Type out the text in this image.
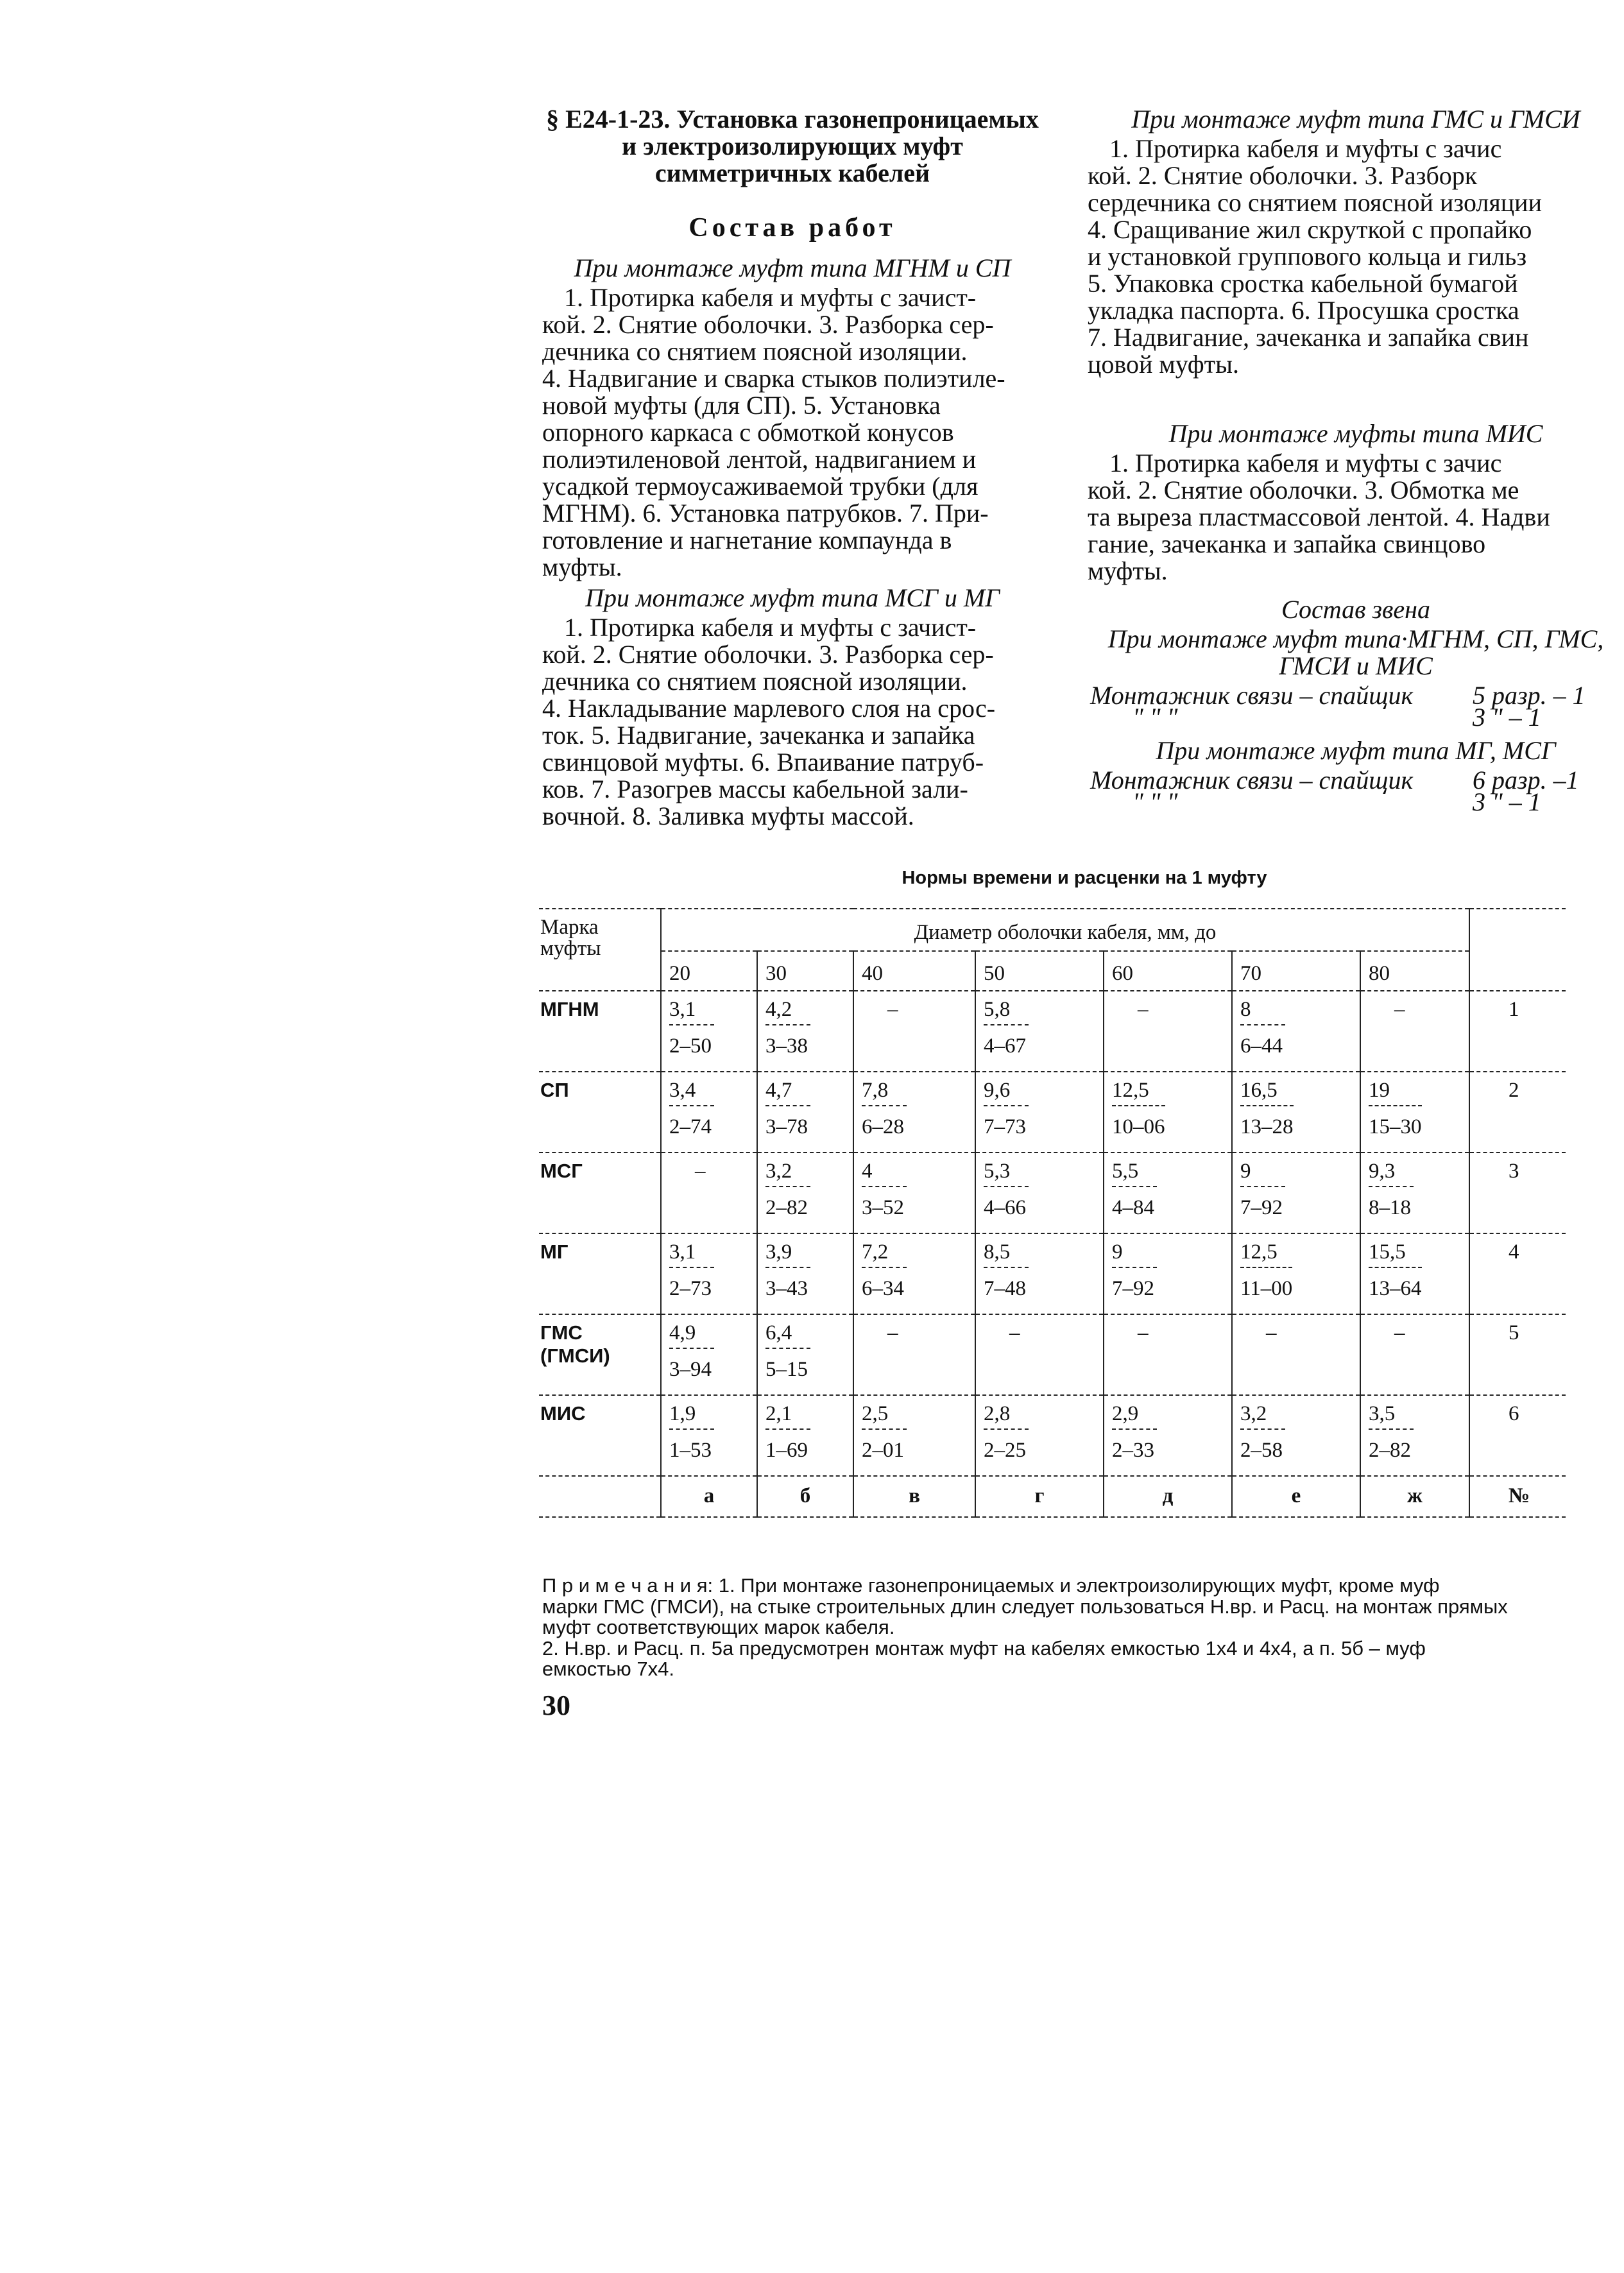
§ Е24-1-23. Установка газонепроницаемых
и электроизолирующих муфт
симметричных кабелей
Состав работ
При монтаже муфт типа МГНМ и СП
1. Протирка кабеля и муфты с зачист-
кой. 2. Снятие оболочки. 3. Разборка сер-
дечника со снятием поясной изоляции.
4. Надвигание и сварка стыков полиэтиле-
новой муфты (для СП). 5. Установка
опорного каркаса с обмоткой конусов
полиэтиленовой лентой, надвиганием и
усадкой термоусаживаемой трубки (для
МГНМ). 6. Установка патрубков. 7. При-
готовление и нагнетание компаунда в
муфты.
При монтаже муфт типа МСГ и МГ
1. Протирка кабеля и муфты с зачист-
кой. 2. Снятие оболочки. 3. Разборка сер-
дечника со снятием поясной изоляции.
4. Накладывание марлевого слоя на срос-
ток. 5. Надвигание, зачеканка и запайка
свинцовой муфты. 6. Впаивание патруб-
ков. 7. Разогрев массы кабельной зали-
вочной. 8. Заливка муфты массой.
При монтаже муфт типа ГМС и ГМСИ
1. Протирка кабеля и муфты с зачис
кой. 2. Снятие оболочки. 3. Разборк
сердечника со снятием поясной изоляции
4. Сращивание жил скруткой с пропайко
и установкой группового кольца и гильз
5. Упаковка сростка кабельной бумагой
укладка паспорта. 6. Просушка сростка
7. Надвигание, зачеканка и запайка свин
цовой муфты.
При монтаже муфты типа МИС
1. Протирка кабеля и муфты с зачис
кой. 2. Снятие оболочки. 3. Обмотка ме
та выреза пластмассовой лентой. 4. Надви
гание, зачеканка и запайка свинцово
муфты.
Состав звена
При монтаже муфт типа·МГНМ, СП, ГМС,
ГМСИ и МИС
Монтажник связи – спайщик 5 разр. – 1
" " "	3 " – 1
При монтаже муфт типа МГ, МСГ
Монтажник связи – спайщик 6 разр. –1
" " "	3 " – 1
Нормы времени и расценки на 1 муфту
Марка муфты	Диаметр оболочки кабеля, мм, до							

	20	30	40	50	60	70	80	

МГНМ	$\frac{3,1}{2-50}$	$\frac{4,2}{3-38}$	–	$\frac{5,8}{4-67}$	–	$\frac{8}{6-44}$	–	1

СП	$\frac{3,4}{2-74}$	$\frac{4,7}{3-78}$	$\frac{7,8}{6-28}$	$\frac{9,6}{7-73}$	$\frac{12,5}{10-06}$	$\frac{16,5}{13-28}$	$\frac{19}{15-30}$	2

МСГ	–	$\frac{3,2}{2-82}$	$\frac{4}{3-52}$	$\frac{5,3}{4-66}$	$\frac{5,5}{4-84}$	$\frac{9}{7-92}$	$\frac{9,3}{8-18}$	3

МГ	$\frac{3,1}{2-73}$	$\frac{3,9}{3-43}$	$\frac{7,2}{6-34}$	$\frac{8,5}{7-48}$	$\frac{9}{7-92}$	$\frac{12,5}{11-00}$	$\frac{15,5}{13-64}$	4

ГМС (ГМСИ)	$\frac{4,9}{3-94}$	$\frac{6,4}{5-15}$	–	–	–	–	–	5

МИС	$\frac{1,9}{1-53}$	$\frac{2,1}{1-69}$	$\frac{2,5}{2-01}$	$\frac{2,8}{2-25}$	$\frac{2,9}{2-33}$	$\frac{3,2}{2-58}$	$\frac{3,5}{2-82}$	6

	а	б	в	г	д	е	ж	№
П р и м е ч а н и я: 1. При монтаже газонепроницаемых и электроизолирующих муфт, кроме муф
марки ГМС (ГМСИ), на стыке строительных длин следует пользоваться Н.вр. и Расц. на монтаж прямых
муфт соответствующих марок кабеля.
2. Н.вр. и Расц. п. 5а предусмотрен монтаж муфт на кабелях емкостью 1х4 и 4х4, а п. 5б – муф
емкостью 7х4.
30
